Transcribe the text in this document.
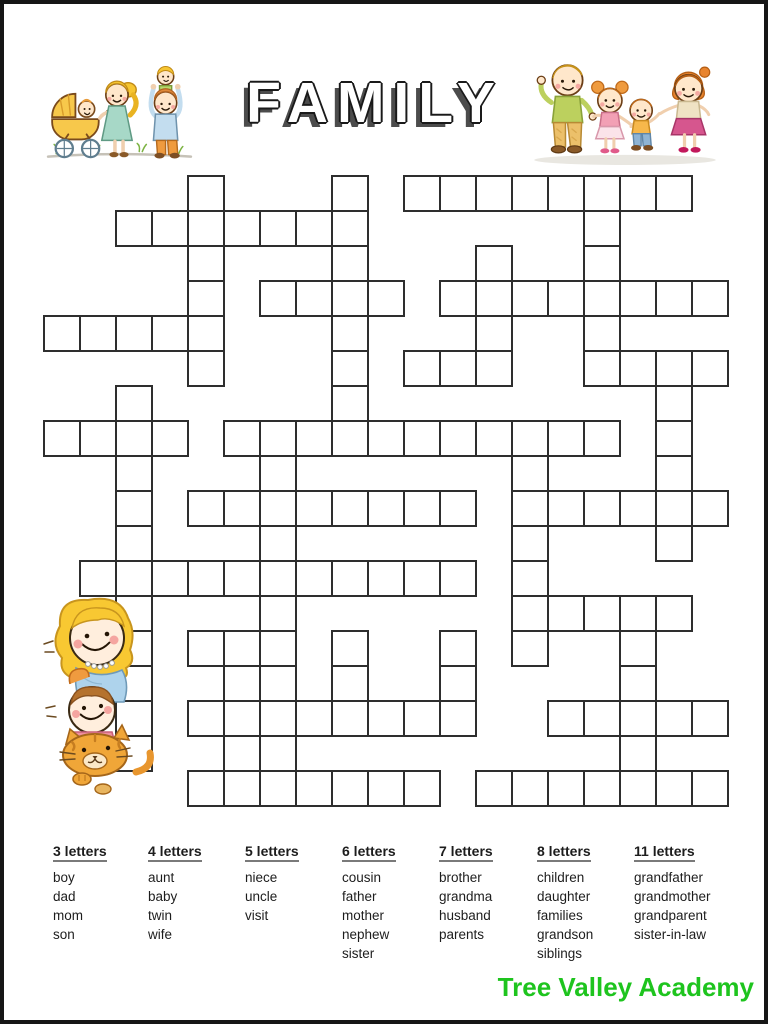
FAMILY
3 letters
boy
dad
mom
son
4 letters
aunt
baby
twin
wife
5 letters
niece
uncle
visit
6 letters
cousin
father
mother
nephew
sister
7 letters
brother
grandma
husband
parents
8 letters
children
daughter
families
grandson
siblings
11 letters
grandfather
grandmother
grandparent
sister-in-law
Tree Valley Academy
